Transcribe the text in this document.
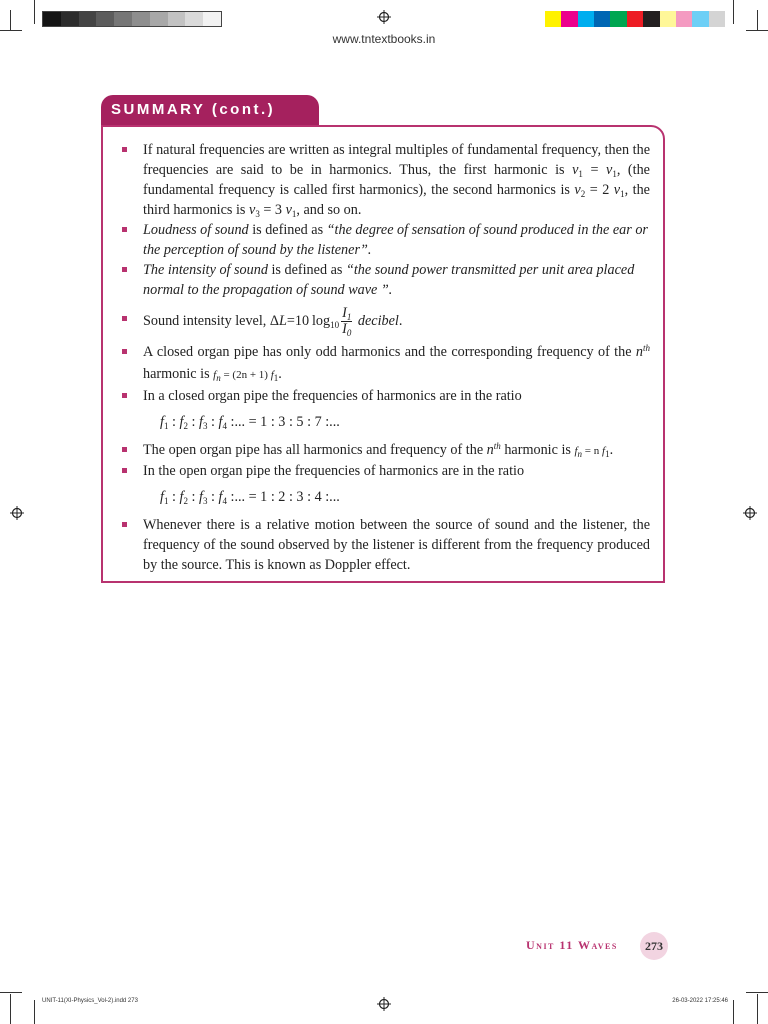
www.tntextbooks.in
SUMMARY (cont.)

If natural frequencies are written as integral multiples of fundamental frequency, then the frequencies are said to be in harmonics. Thus, the first harmonic is $v_1 = v_1$, (the fundamental frequency is called first harmonics), the second harmonics is $v_2 = 2$ $v_1$, the third harmonics is $v_3 = 3$ $v_1$, and so on.

Loudness of sound is defined as “the degree of sensation of sound produced in the ear or the perception of sound by the listener”.

The intensity of sound is defined as “the sound power transmitted per unit area placed normal to the propagation of sound wave ”.

Sound intensity level, ΔL=10 $\log_{10} \frac{I_1}{I_0}$ decibel.

A closed organ pipe has only odd harmonics and the corresponding frequency of the $n^{th}$ harmonic is $f_n = (2n + 1)$ $f_1$.

In a closed organ pipe the frequencies of harmonics are in the ratio

$f_1$ : $f_2$ : $f_3$ : $f_4$ :... = 1 : 3 : 5 : 7 :...

The open organ pipe has all harmonics and frequency of the $n^{th}$ harmonic is $f_n = n$ $f_1$.

In the open organ pipe the frequencies of harmonics are in the ratio

$f_1$ : $f_2$ : $f_3$ : $f_4$ :... = 1 : 2 : 3 : 4 :...

Whenever there is a relative motion between the source of sound and the listener, the frequency of the sound observed by the listener is different from the frequency produced by the source. This is known as Doppler effect.

Unit 11 Waves	273
UNIT-11(XI-Physics_Vol-2).indd 273	26-03-2022 17:25:46
